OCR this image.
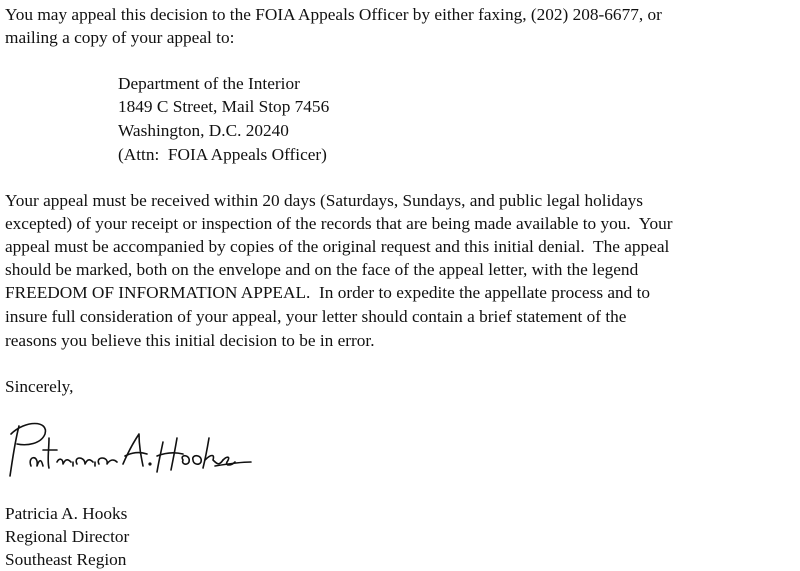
You may appeal this decision to the FOIA Appeals Officer by either faxing, (202) 208-6677, or
mailing a copy of your appeal to:
Department of the Interior
1849 C Street, Mail Stop 7456
Washington, D.C. 20240
(Attn:  FOIA Appeals Officer)
Your appeal must be received within 20 days (Saturdays, Sundays, and public legal holidays
excepted) of your receipt or inspection of the records that are being made available to you.  Your
appeal must be accompanied by copies of the original request and this initial denial.  The appeal
should be marked, both on the envelope and on the face of the appeal letter, with the legend
FREEDOM OF INFORMATION APPEAL.  In order to expedite the appellate process and to
insure full consideration of your appeal, your letter should contain a brief statement of the
reasons you believe this initial decision to be in error.
Sincerely,
Patricia A. Hooks
Regional Director
Southeast Region
